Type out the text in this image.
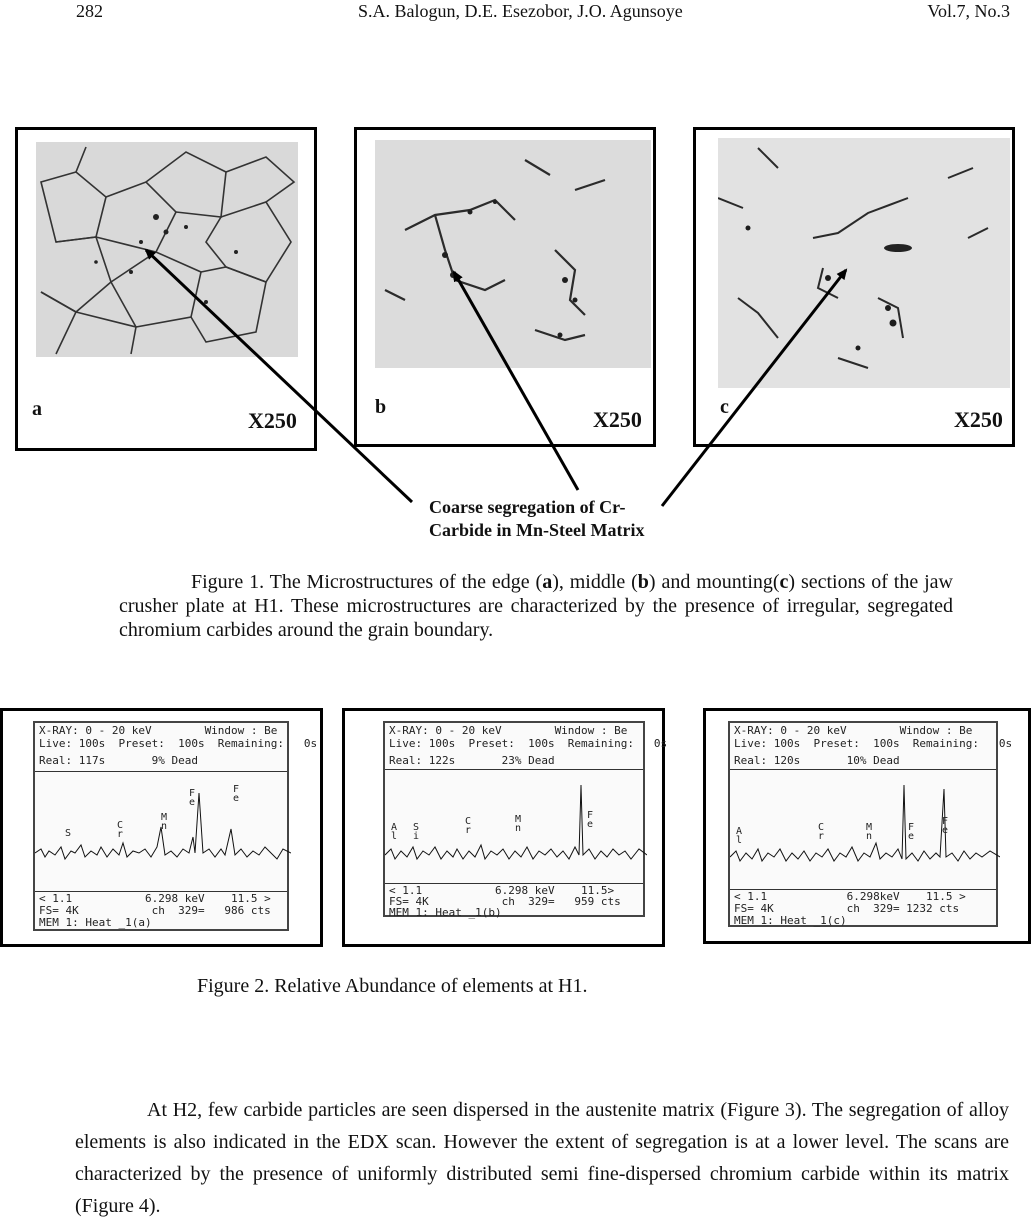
282	S.A. Balogun, D.E. Esezobor, J.O. Agunsoye	Vol.7, No.3
a	X250
b	X250	c	X250
Coarse segregation of Cr-
Carbide in Mn-Steel Matrix
Figure 1. The Microstructures of the edge (a), middle (b) and mounting(c) sections of the jaw crusher plate at H1. These microstructures are characterized by the presence of irregular, segregated chromium carbides around the grain boundary.
X-RAY: 0 - 20 keV        Window : Be
Live: 100s  Preset:  100s  Remaining:   0s
Real: 117s       9% Dead
S
C
r
M
n
F
e
F
e
< 1.1           6.298 keV    11.5 >
FS= 4K           ch  329=   986 cts
MEM 1: Heat _1(a)
X-RAY: 0 - 20 keV        Window : Be
Live: 100s  Preset:  100s  Remaining:   0s
Real: 122s       23% Dead
A
l
S
i
C
r
M
n
F
e
< 1.1           6.298 keV    11.5>
FS= 4K           ch  329=   959 cts
MEM 1: Heat _1(b)
X-RAY: 0 - 20 keV        Window : Be
Live: 100s  Preset:  100s  Remaining:   0s
Real: 120s       10% Dead
A
l
C
r
M
n
F
e
F
e
< 1.1            6.298keV    11.5 >
FS= 4K           ch  329= 1232 cts
MEM 1: Heat _1(c)
Figure 2. Relative Abundance of elements at H1.
At H2, few carbide particles are seen dispersed in the austenite matrix (Figure 3). The segregation of alloy elements is also indicated in the EDX scan. However the extent of segregation is at a lower level. The scans are characterized by the presence of uniformly distributed semi fine-dispersed chromium carbide within its matrix (Figure 4).
